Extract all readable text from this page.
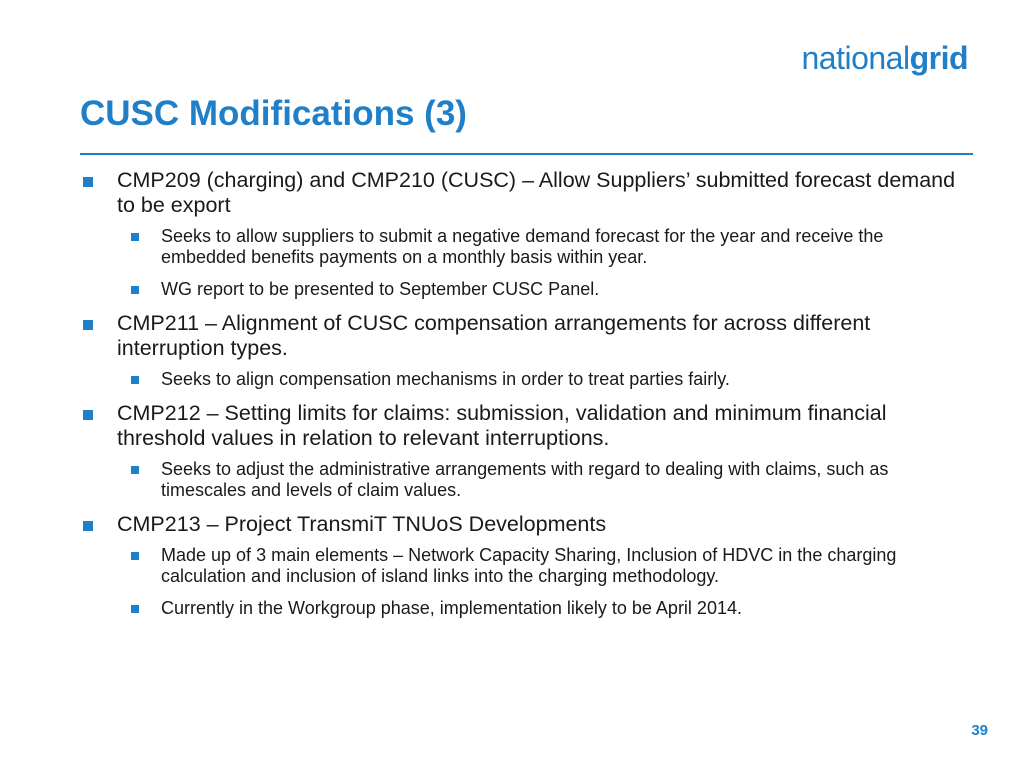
nationalgrid
CUSC Modifications (3)
CMP209 (charging) and CMP210 (CUSC) – Allow Suppliers’ submitted forecast demand to be export
Seeks to allow suppliers to submit a negative demand forecast for the year and receive the embedded benefits payments on a monthly basis within year.
WG report to be presented to September CUSC Panel.
CMP211 – Alignment of CUSC compensation arrangements for across different interruption types.
Seeks to align compensation mechanisms in order to treat parties fairly.
CMP212 – Setting limits for claims: submission, validation and minimum financial threshold values in relation to relevant interruptions.
Seeks to adjust the administrative arrangements with regard to dealing with claims, such as timescales and levels of claim values.
CMP213 – Project TransmiT TNUoS Developments
Made up of 3 main elements – Network Capacity Sharing, Inclusion of HDVC in the charging calculation and inclusion of island links into the charging methodology.
Currently in the Workgroup phase, implementation likely to be April 2014.
39
